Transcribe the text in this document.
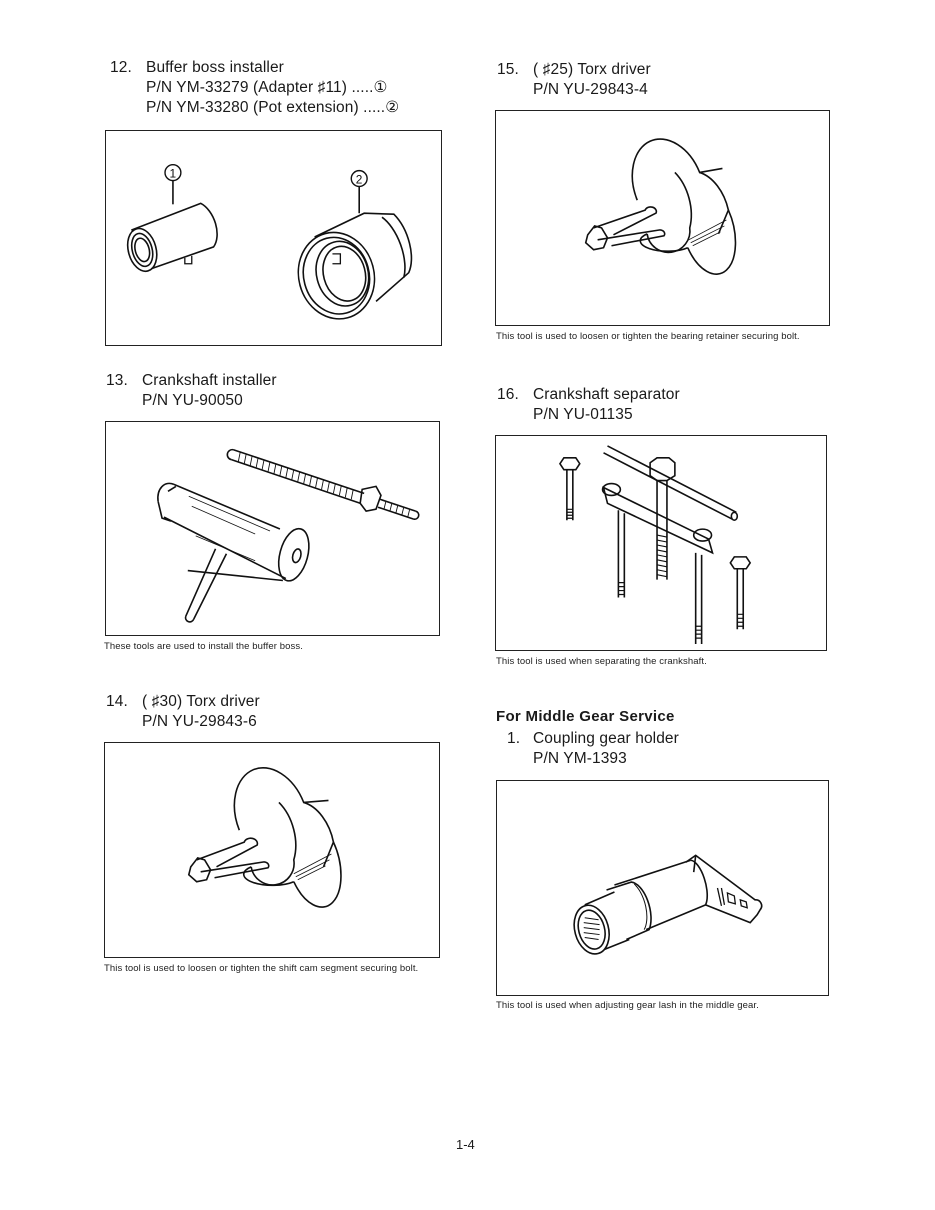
12. Buffer boss installer
P/N YM-33279 (Adapter ♯11) .....①
P/N YM-33280 (Pot extension) .....②
1	2
13. Crankshaft installer
P/N YU-90050
These tools are used to install the buffer boss.
14. ( ♯30) Torx driver
P/N YU-29843-6
This tool is used to loosen or tighten the shift cam segment securing bolt.
15. ( ♯25) Torx driver
P/N YU-29843-4
This tool is used to loosen or tighten the bearing retainer securing bolt.
16. Crankshaft separator
P/N YU-01135
This tool is used when separating the crankshaft.
For Middle Gear Service
1. Coupling gear holder
P/N YM-1393
This tool is used when adjusting gear lash in the middle gear.
1-4
